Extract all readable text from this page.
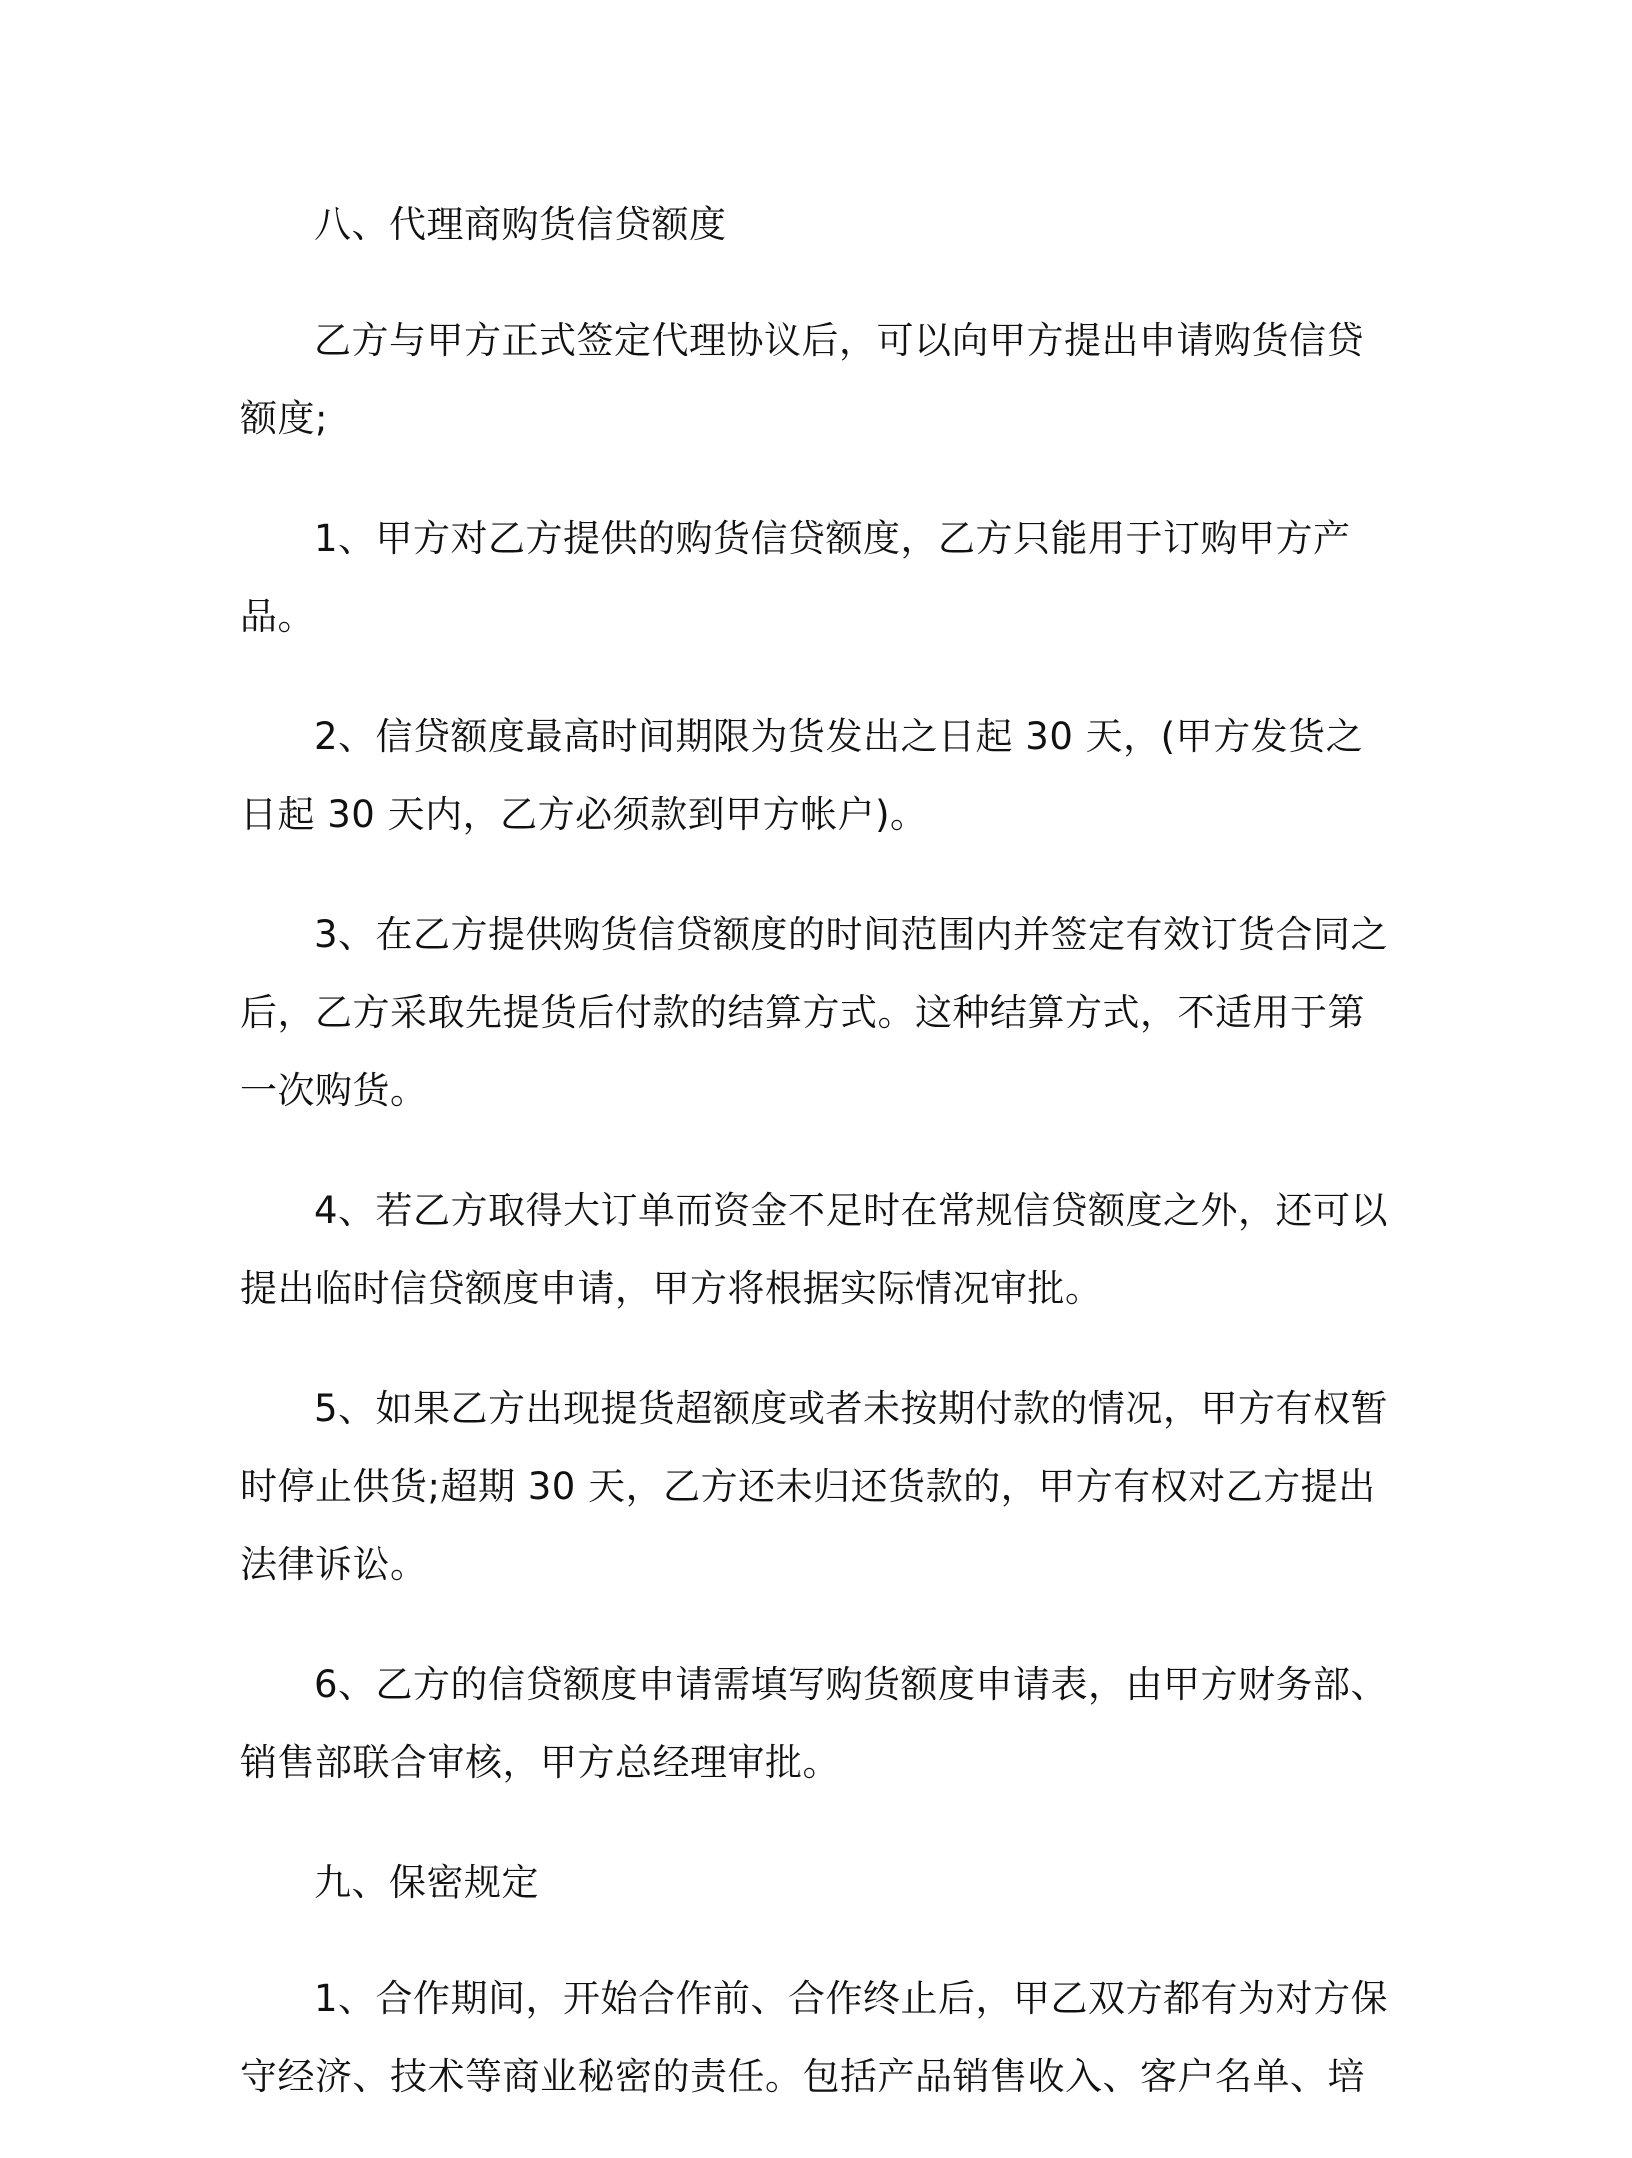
八、代理商购货信贷额度

乙方与甲方正式签定代理协议后，可以向甲方提出申请购货信贷额度;

1、甲方对乙方提供的购货信贷额度，乙方只能用于订购甲方产品。

2、信贷额度最高时间期限为货发出之日起 30 天，(甲方发货之日起 30 天内，乙方必须款到甲方帐户)。

3、在乙方提供购货信贷额度的时间范围内并签定有效订货合同之后，乙方采取先提货后付款的结算方式。这种结算方式，不适用于第一次购货。

4、若乙方取得大订单而资金不足时在常规信贷额度之外，还可以提出临时信贷额度申请，甲方将根据实际情况审批。

5、如果乙方出现提货超额度或者未按期付款的情况，甲方有权暂时停止供货;超期 30 天，乙方还未归还货款的，甲方有权对乙方提出法律诉讼。

6、乙方的信贷额度申请需填写购货额度申请表，由甲方财务部、销售部联合审核，甲方总经理审批。

九、保密规定

1、合作期间，开始合作前、合作终止后，甲乙双方都有为对方保守经济、技术等商业秘密的责任。包括产品销售收入、客户名单、培
